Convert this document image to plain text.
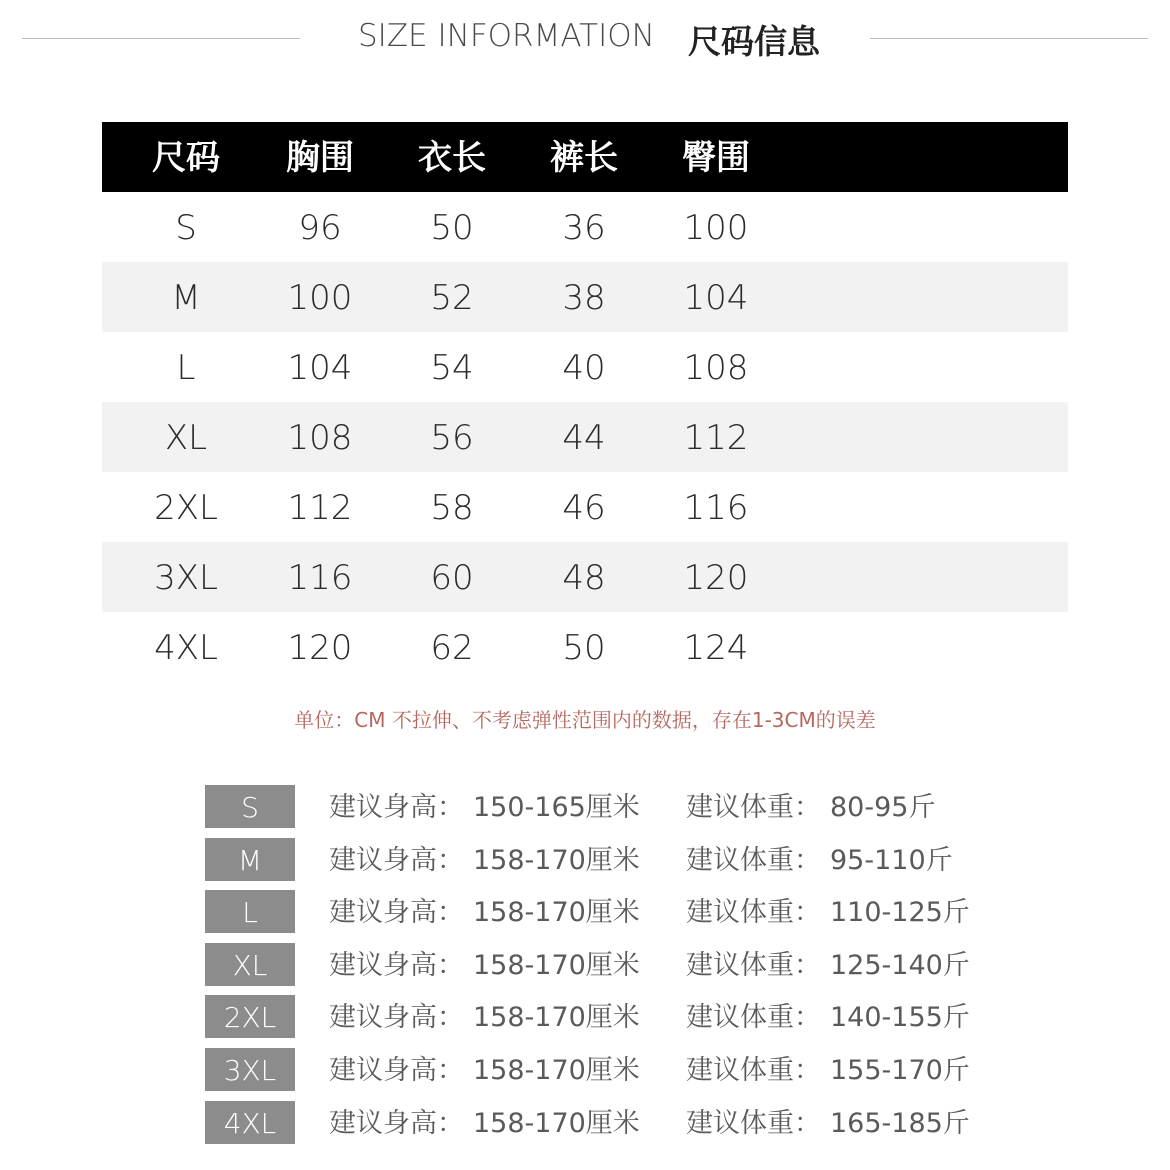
SIZE INFORMATION 尺码信息
尺码 胸围 衣长 裤长 臀围
S	96	50	36 100
M	100 52	38 104
L	104 54	40 108
XL 108 56	44 112
2XL 112 58	46 116
3XL 116 60	48 120
4XL 120 62	50 124
单位：CM 不拉伸、不考虑弹性范围内的数据，存在1-3CM的误差
S	建议身高： 150-165厘米 建议体重： 80-95斤
M	建议身高： 158-170厘米 建议体重： 95-110斤
L	建议身高： 158-170厘米 建议体重： 110-125斤
XL	建议身高： 158-170厘米 建议体重： 125-140斤
2XL	建议身高： 158-170厘米 建议体重： 140-155斤
3XL	建议身高： 158-170厘米 建议体重： 155-170斤
4XL	建议身高： 158-170厘米 建议体重： 165-185斤
